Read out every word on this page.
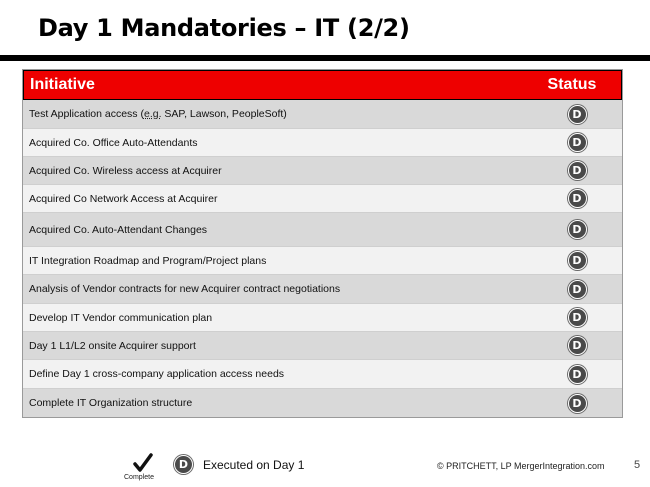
Day 1 Mandatories – IT (2/2)
Initiative	Status
Test Application access (e.g. SAP, Lawson, PeopleSoft)	D
Acquired Co. Office Auto-Attendants	D
Acquired Co. Wireless access at Acquirer	D
Acquired Co Network Access at Acquirer	D
Acquired Co. Auto-Attendant Changes	D
IT Integration Roadmap and Program/Project plans	D
Analysis of Vendor contracts for new Acquirer contract negotiations	D
Develop IT Vendor communication plan	D
Day 1 L1/L2 onsite Acquirer support	D
Define Day 1 cross-company application access needs	D
Complete IT Organization structure	D
Complete
D	Executed on Day 1	© PRITCHETT, LP MergerIntegration.com	5
